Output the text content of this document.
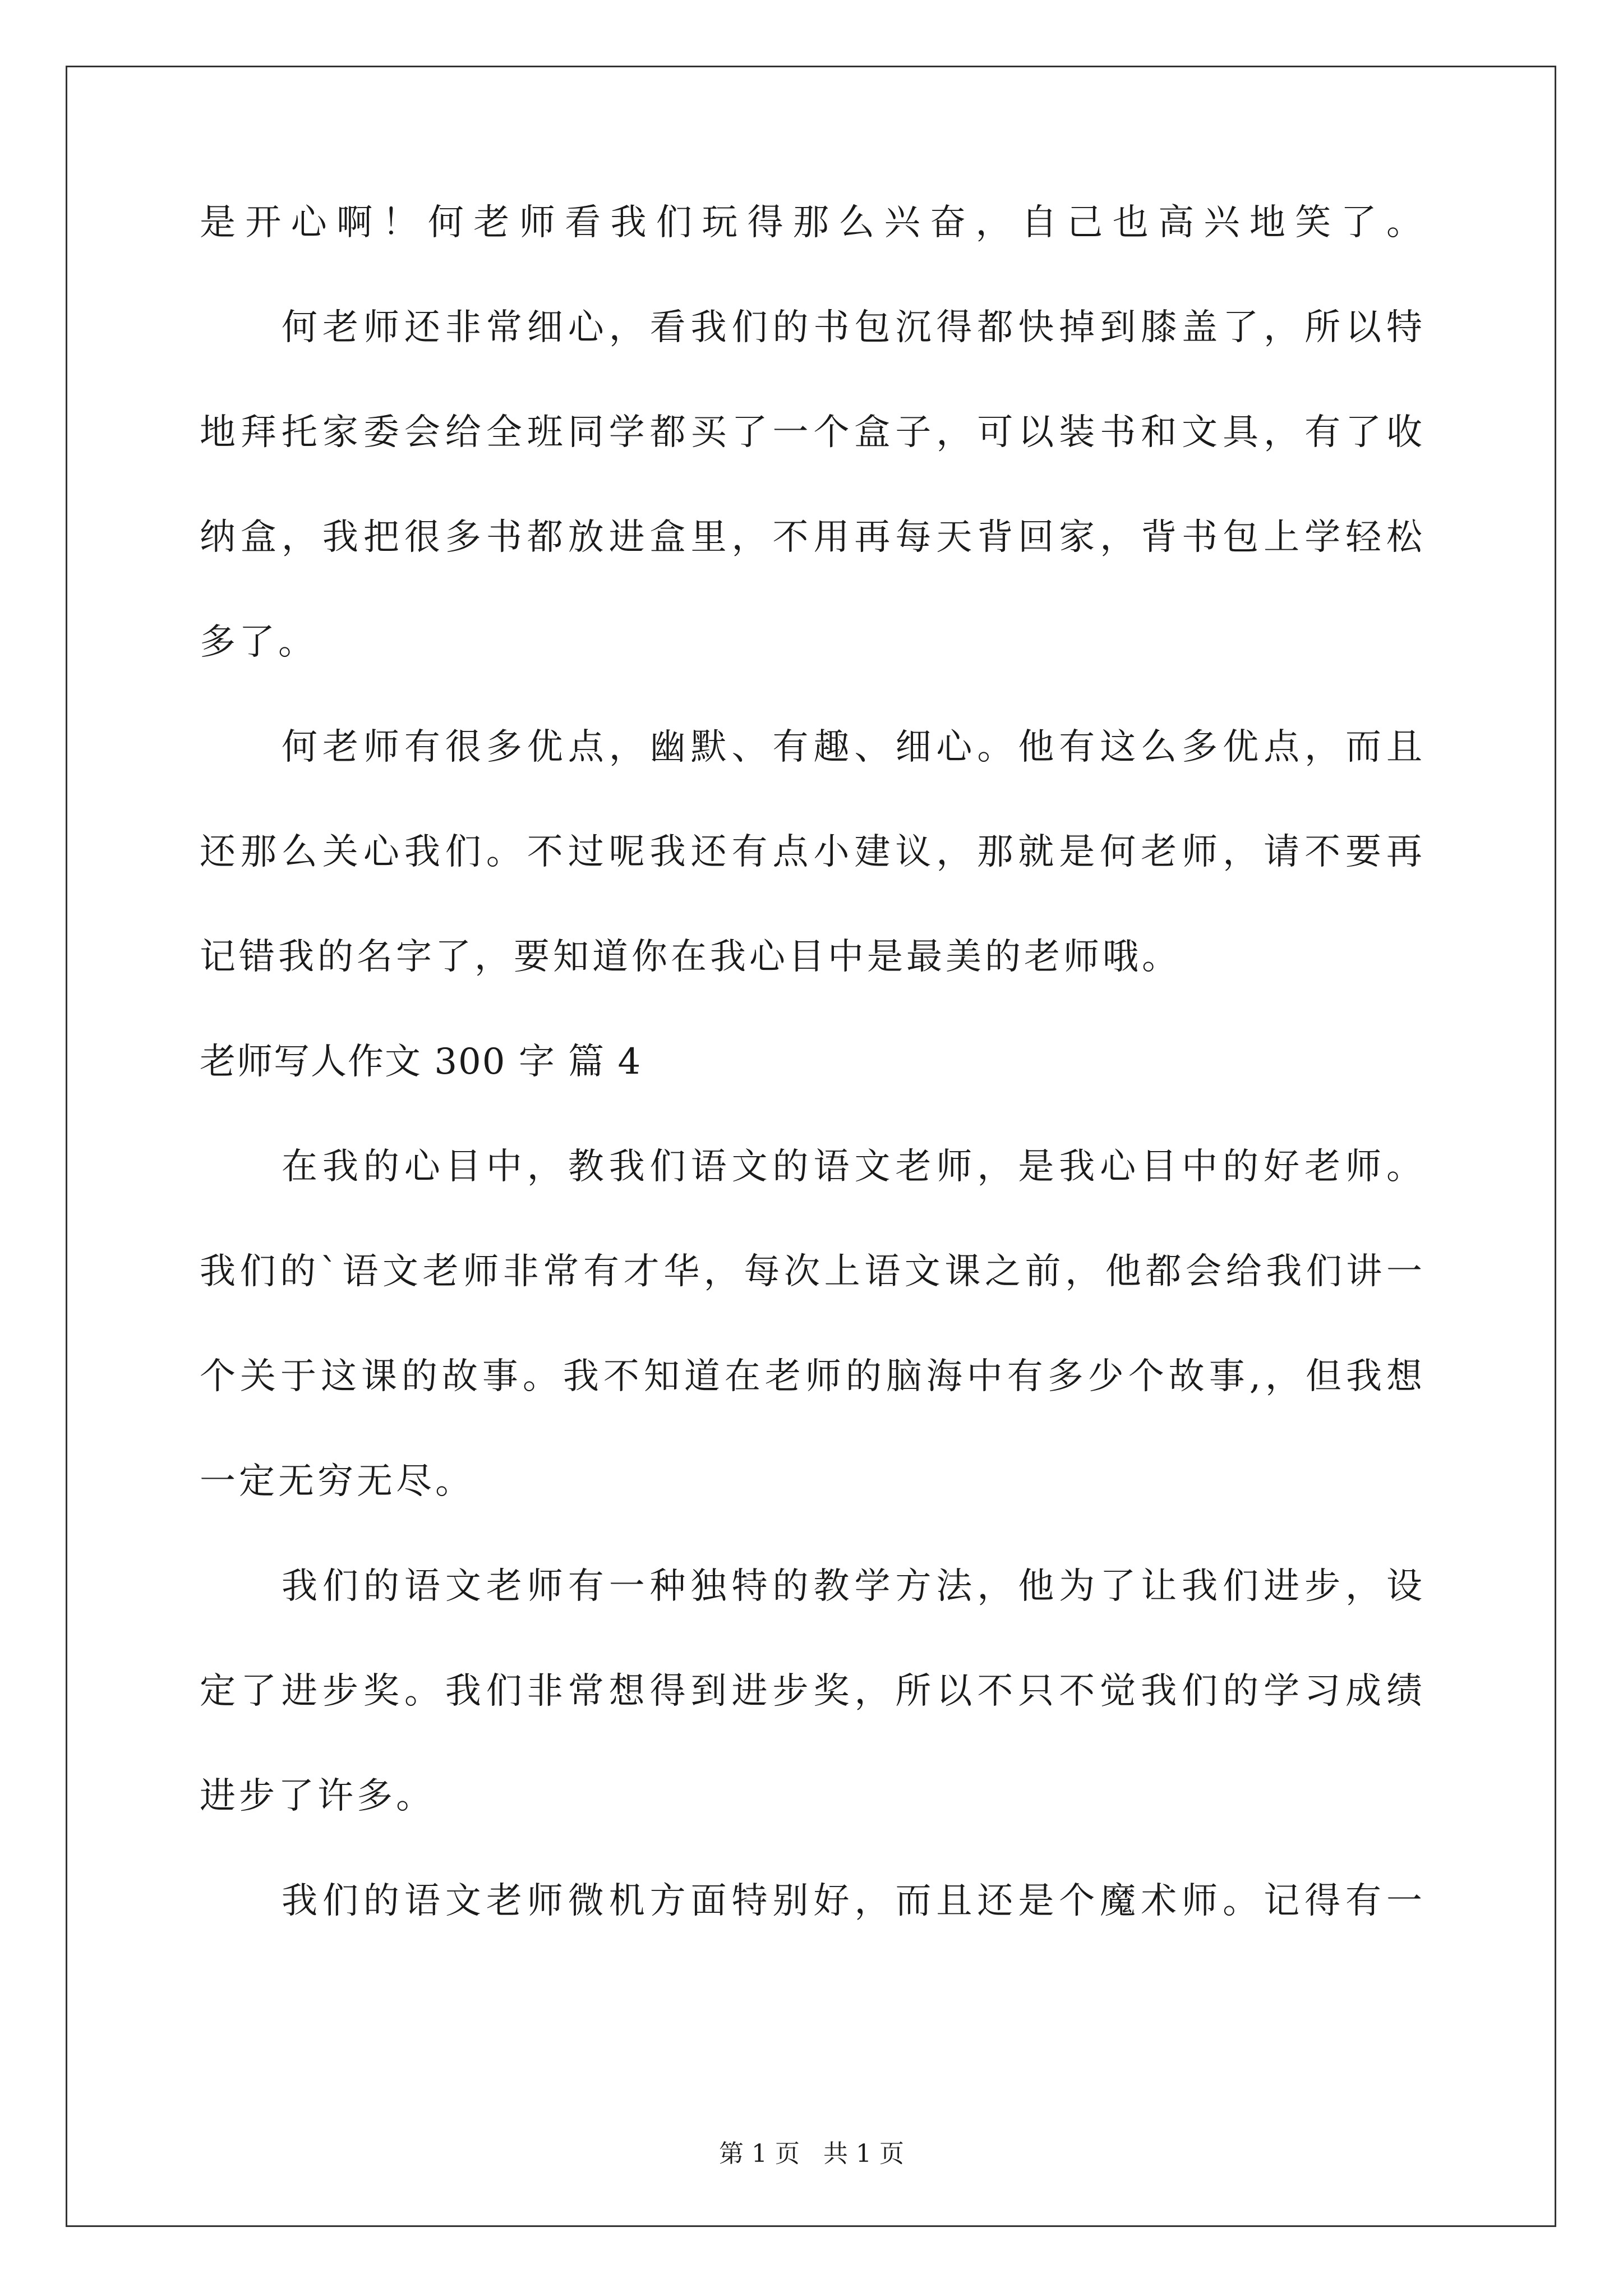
是开心啊！何老师看我们玩得那么兴奋，自己也高兴地笑了。
何老师还非常细心，看我们的书包沉得都快掉到膝盖了，所以特
地拜托家委会给全班同学都买了一个盒子，可以装书和文具，有了收
纳盒，我把很多书都放进盒里，不用再每天背回家，背书包上学轻松
多了。
何老师有很多优点，幽默、有趣、细心。他有这么多优点，而且
还那么关心我们。不过呢我还有点小建议，那就是何老师，请不要再
记错我的名字了，要知道你在我心目中是最美的老师哦。
老师写人作文 300 字 篇 4
在我的心目中，教我们语文的语文老师，是我心目中的好老师。
我们的`语文老师非常有才华，每次上语文课之前，他都会给我们讲一
个关于这课的故事。我不知道在老师的脑海中有多少个故事,，但我想
一定无穷无尽。
我们的语文老师有一种独特的教学方法，他为了让我们进步，设
定了进步奖。我们非常想得到进步奖，所以不只不觉我们的学习成绩
进步了许多。
我们的语文老师微机方面特别好，而且还是个魔术师。记得有一
第 1 页   共 1 页
